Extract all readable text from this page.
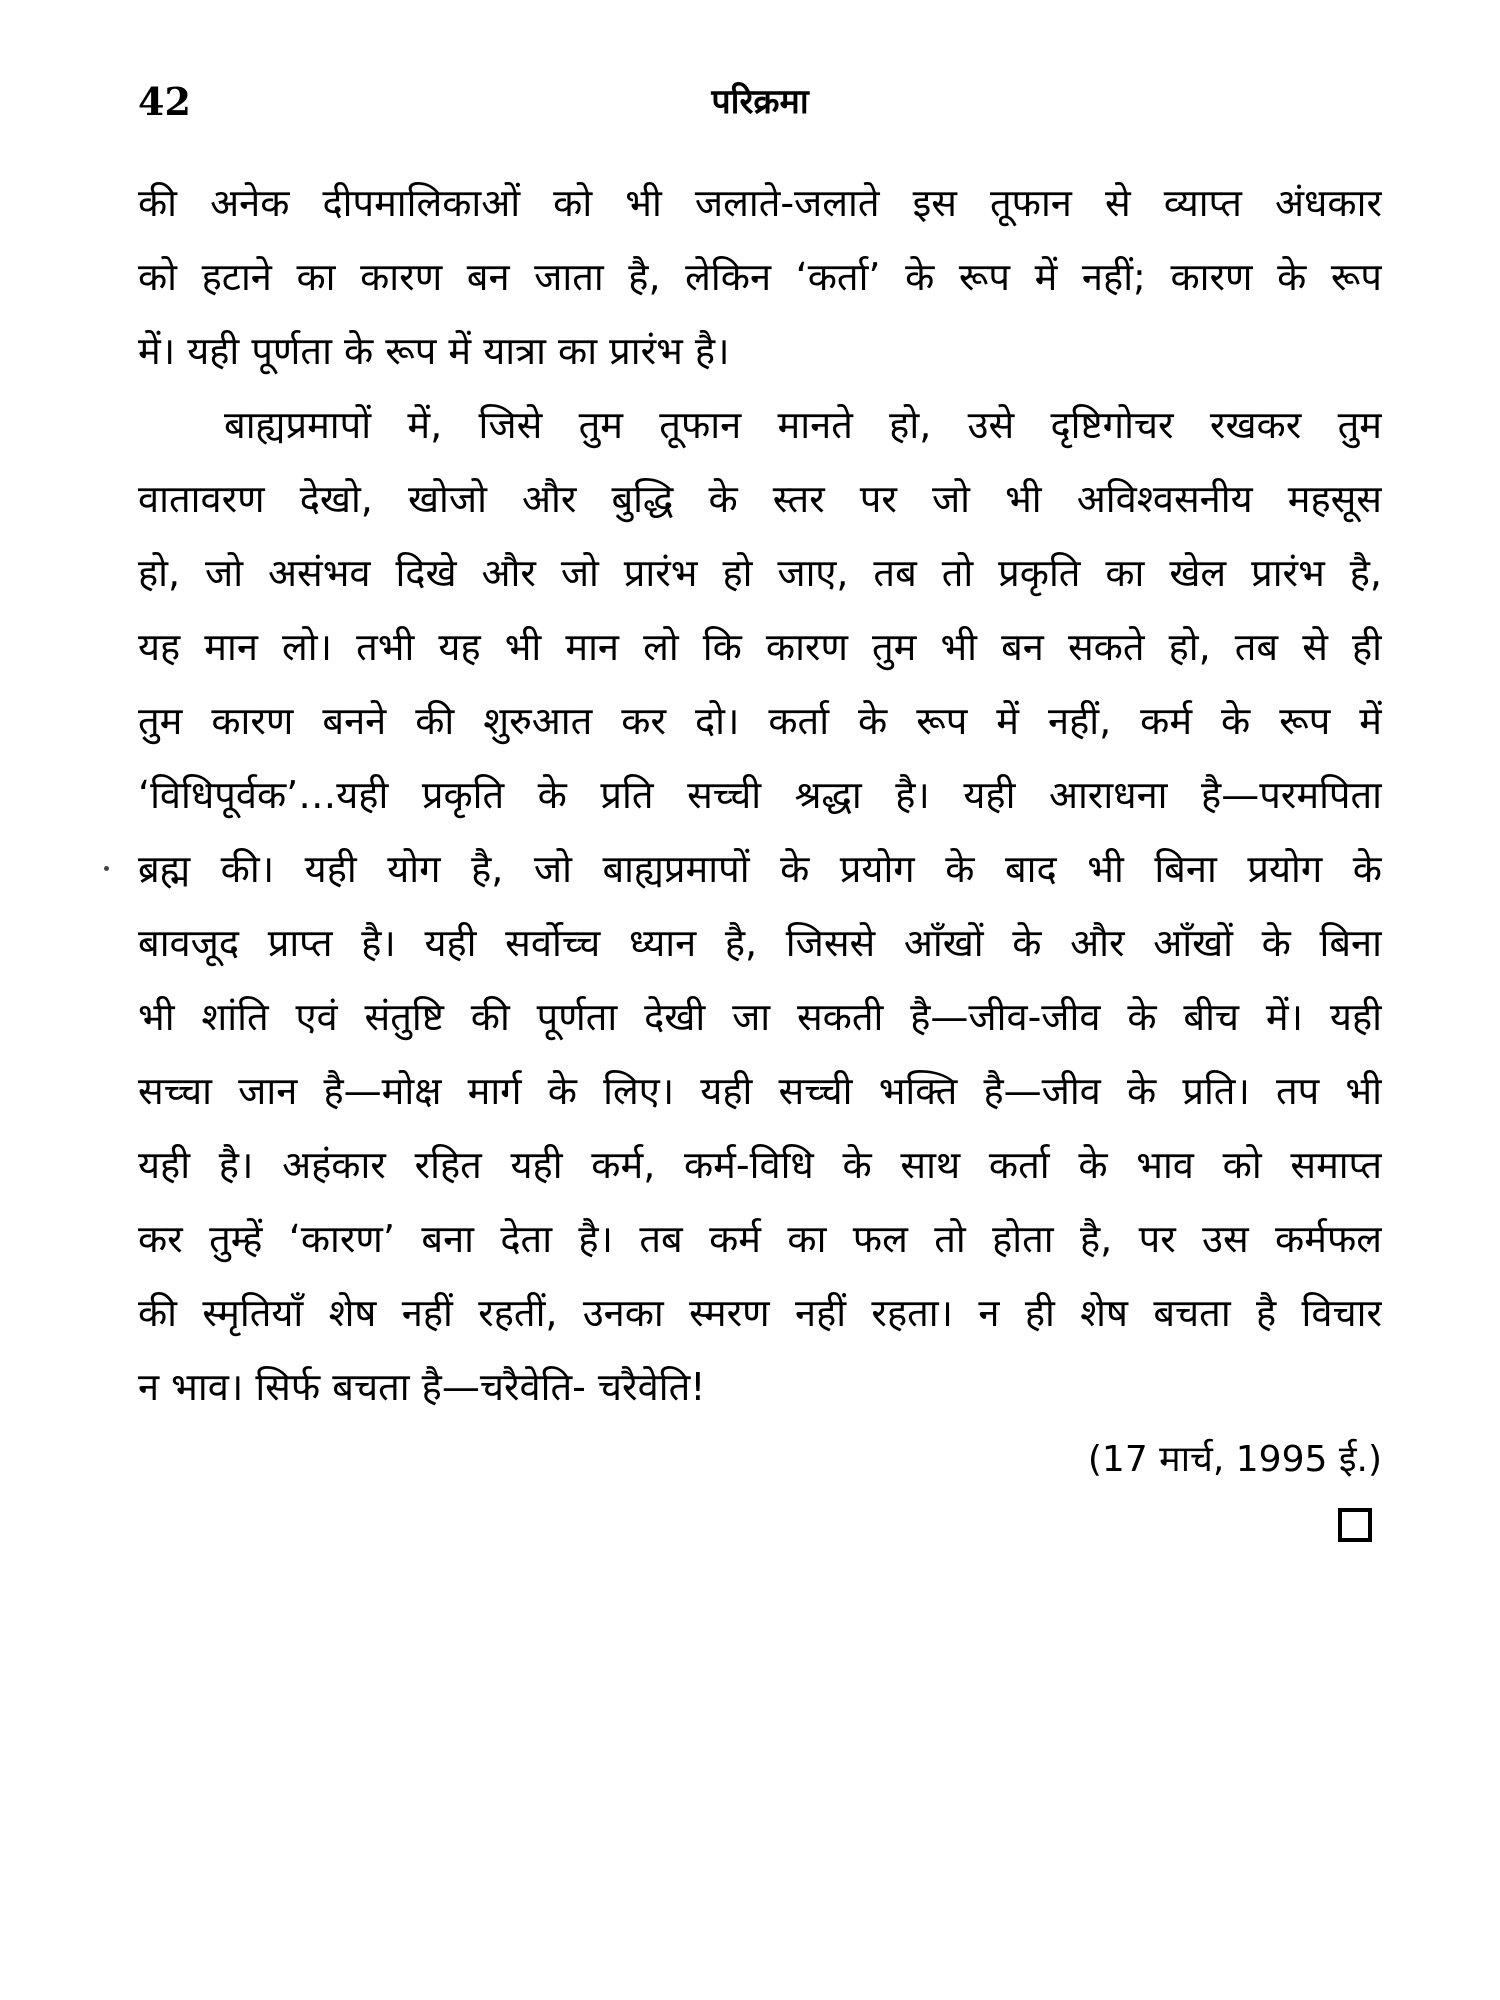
42	परिक्रमा
की अनेक दीपमालिकाओं को भी जलाते-जलाते इस तूफान से व्याप्त अंधकार
को हटाने का कारण बन जाता है, लेकिन ‘कर्ता’ के रूप में नहीं; कारण के रूप
में। यही पूर्णता के रूप में यात्रा का प्रारंभ है।
बाह्यप्रमापों में, जिसे तुम तूफान मानते हो, उसे दृष्टिगोचर रखकर तुम
वातावरण देखो, खोजो और बुद्धि के स्तर पर जो भी अविश्वसनीय महसूस
हो, जो असंभव दिखे और जो प्रारंभ हो जाए, तब तो प्रकृति का खेल प्रारंभ है,
यह मान लो। तभी यह भी मान लो कि कारण तुम भी बन सकते हो, तब से ही
तुम कारण बनने की शुरुआत कर दो। कर्ता के रूप में नहीं, कर्म के रूप में
‘विधिपूर्वक’…यही प्रकृति के प्रति सच्ची श्रद्धा है। यही आराधना है—परमपिता
ब्रह्म की। यही योग है, जो बाह्यप्रमापों के प्रयोग के बाद भी बिना प्रयोग के
बावजूद प्राप्त है। यही सर्वोच्च ध्यान है, जिससे आँखों के और आँखों के बिना
भी शांति एवं संतुष्टि की पूर्णता देखी जा सकती है—जीव-जीव के बीच में। यही
सच्चा जान है—मोक्ष मार्ग के लिए। यही सच्ची भक्ति है—जीव के प्रति। तप भी
यही है। अहंकार रहित यही कर्म, कर्म-विधि के साथ कर्ता के भाव को समाप्त
कर तुम्हें ‘कारण’ बना देता है। तब कर्म का फल तो होता है, पर उस कर्मफल
की स्मृतियाँ शेष नहीं रहतीं, उनका स्मरण नहीं रहता। न ही शेष बचता है विचार
न भाव। सिर्फ बचता है—चरैवेति- चरैवेति!
(17 मार्च, 1995 ई.)
